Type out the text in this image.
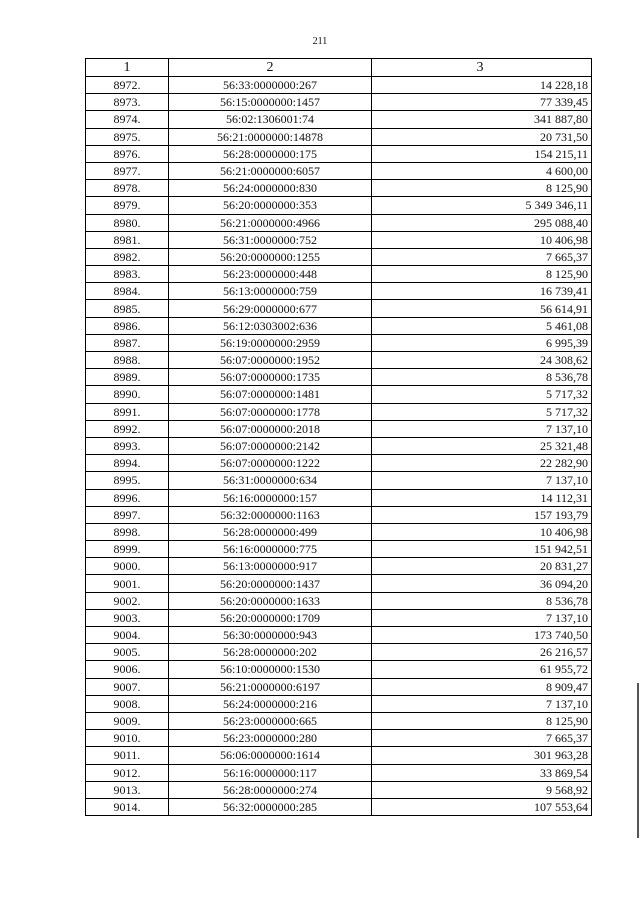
211
1	2	3
8972.	56:33:0000000:267	14 228,18
8973.	56:15:0000000:1457	77 339,45
8974.	56:02:1306001:74	341 887,80
8975.	56:21:0000000:14878	20 731,50
8976.	56:28:0000000:175	154 215,11
8977.	56:21:0000000:6057	4 600,00
8978.	56:24:0000000:830	8 125,90
8979.	56:20:0000000:353	5 349 346,11
8980.	56:21:0000000:4966	295 088,40
8981.	56:31:0000000:752	10 406,98
8982.	56:20:0000000:1255	7 665,37
8983.	56:23:0000000:448	8 125,90
8984.	56:13:0000000:759	16 739,41
8985.	56:29:0000000:677	56 614,91
8986.	56:12:0303002:636	5 461,08
8987.	56:19:0000000:2959	6 995,39
8988.	56:07:0000000:1952	24 308,62
8989.	56:07:0000000:1735	8 536,78
8990.	56:07:0000000:1481	5 717,32
8991.	56:07:0000000:1778	5 717,32
8992.	56:07:0000000:2018	7 137,10
8993.	56:07:0000000:2142	25 321,48
8994.	56:07:0000000:1222	22 282,90
8995.	56:31:0000000:634	7 137,10
8996.	56:16:0000000:157	14 112,31
8997.	56:32:0000000:1163	157 193,79
8998.	56:28:0000000:499	10 406,98
8999.	56:16:0000000:775	151 942,51
9000.	56:13:0000000:917	20 831,27
9001.	56:20:0000000:1437	36 094,20
9002.	56:20:0000000:1633	8 536,78
9003.	56:20:0000000:1709	7 137,10
9004.	56:30:0000000:943	173 740,50
9005.	56:28:0000000:202	26 216,57
9006.	56:10:0000000:1530	61 955,72
9007.	56:21:0000000:6197	8 909,47
9008.	56:24:0000000:216	7 137,10
9009.	56:23:0000000:665	8 125,90
9010.	56:23:0000000:280	7 665,37
9011.	56:06:0000000:1614	301 963,28
9012.	56:16:0000000:117	33 869,54
9013.	56:28:0000000:274	9 568,92
9014.	56:32:0000000:285	107 553,64
